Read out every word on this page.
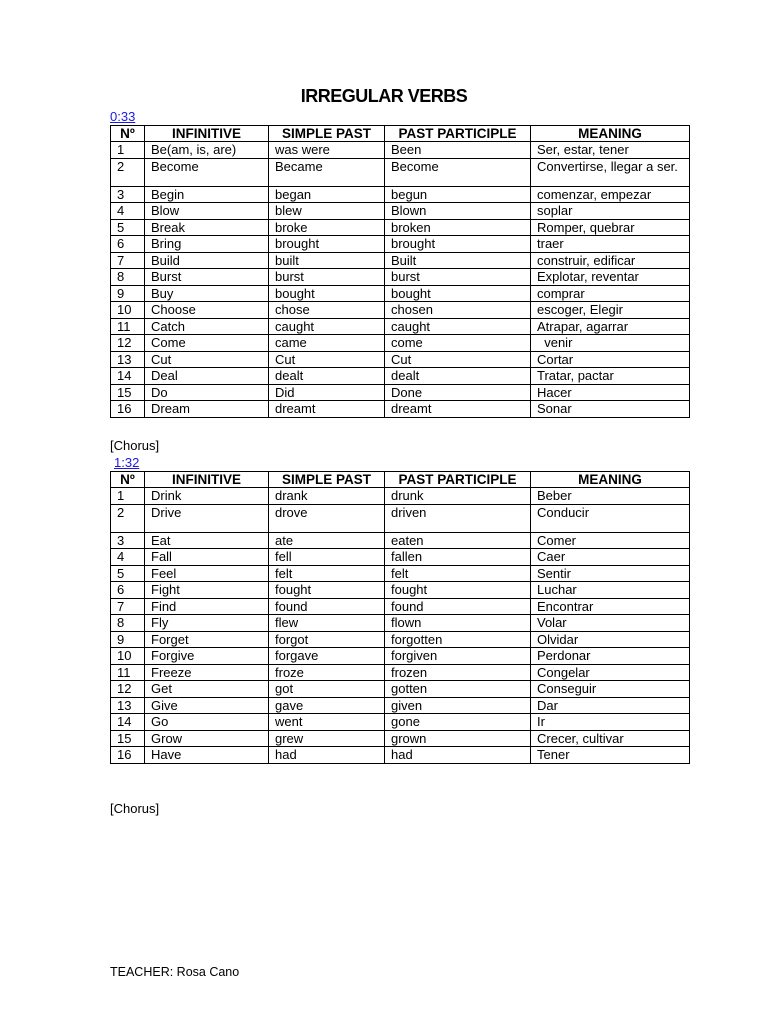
IRREGULAR VERBS
0:33
Nº	INFINITIVE	SIMPLE PAST	PAST PARTICIPLE	MEANING
1	Be(am, is, are)	was were	Been	Ser, estar, tener
2	Become	Became	Become	Convertirse, llegar a ser.
3	Begin	began	begun	comenzar, empezar
4	Blow	blew	Blown	soplar
5	Break	broke	broken	Romper, quebrar
6	Bring	brought	brought	traer
7	Build	built	Built	construir, edificar
8	Burst	burst	burst	Explotar, reventar
9	Buy	bought	bought	comprar
10	Choose	chose	chosen	escoger, Elegir
11	Catch	caught	caught	Atrapar, agarrar
12	Come	came	come	venir
13	Cut	Cut	Cut	Cortar
14	Deal	dealt	dealt	Tratar, pactar
15	Do	Did	Done	Hacer
16	Dream	dreamt	dreamt	Sonar
[Chorus]
1:32
Nº	INFINITIVE	SIMPLE PAST	PAST PARTICIPLE	MEANING
1	Drink	drank	drunk	Beber
2	Drive	drove	driven	Conducir
3	Eat	ate	eaten	Comer
4	Fall	fell	fallen	Caer
5	Feel	felt	felt	Sentir
6	Fight	fought	fought	Luchar
7	Find	found	found	Encontrar
8	Fly	flew	flown	Volar
9	Forget	forgot	forgotten	Olvidar
10	Forgive	forgave	forgiven	Perdonar
11	Freeze	froze	frozen	Congelar
12	Get	got	gotten	Conseguir
13	Give	gave	given	Dar
14	Go	went	gone	Ir
15	Grow	grew	grown	Crecer, cultivar
16	Have	had	had	Tener
[Chorus]
TEACHER: Rosa Cano
